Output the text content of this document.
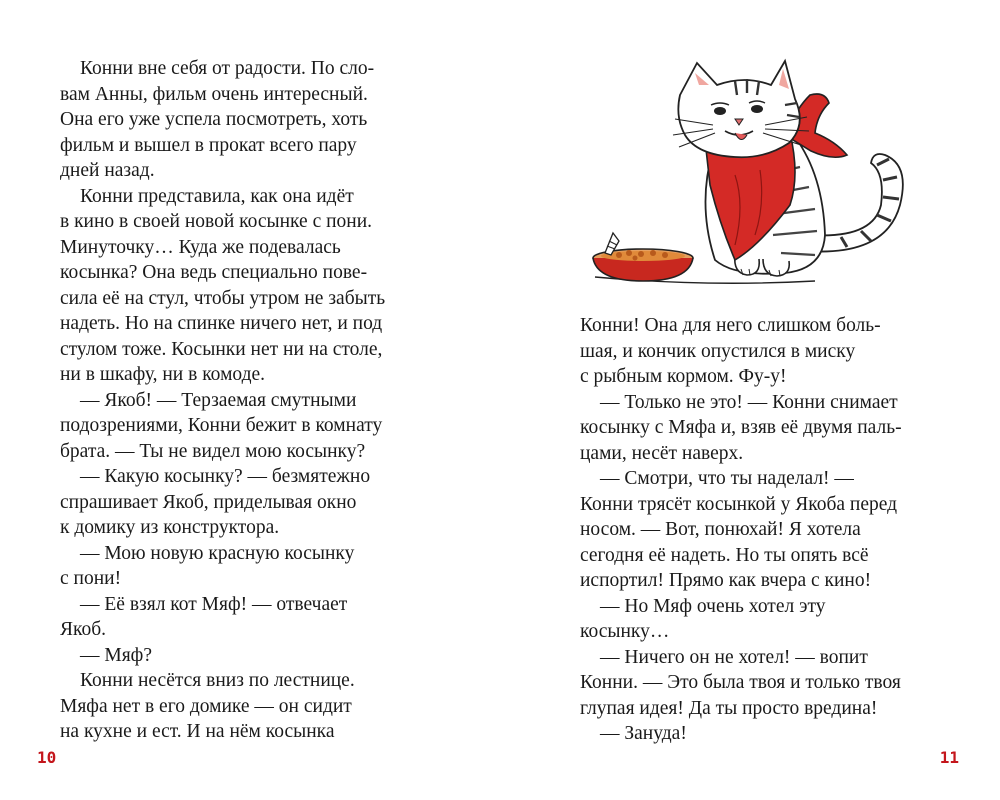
Конни вне себя от радости. По сло-
вам Анны, фильм очень интересный.
Она его уже успела посмотреть, хоть
фильм и вышел в прокат всего пару
дней назад.
Конни представила, как она идёт
в кино в своей новой косынке с пони.
Минуточку… Куда же подевалась
косынка? Она ведь специально пове-
сила её на стул, чтобы утром не забыть
надеть. Но на спинке ничего нет, и под
стулом тоже. Косынки нет ни на столе,
ни в шкафу, ни в комоде.
— Якоб! — Терзаемая смутными
подозрениями, Конни бежит в комнату
брата. — Ты не видел мою косынку?
— Какую косынку? — безмятежно
спрашивает Якоб, приделывая окно
к домику из конструктора.
— Мою новую красную косынку
с пони!
— Её взял кот Мяф! — отвечает
Якоб.
— Мяф?
Конни несётся вниз по лестнице.
Мяфа нет в его домике — он сидит
на кухне и ест. И на нём косынка
10
Конни! Она для него слишком боль-
шая, и кончик опустился в миску
с рыбным кормом. Фу-у!
— Только не это! — Конни снимает
косынку с Мяфа и, взяв её двумя паль-
цами, несёт наверх.
— Смотри, что ты наделал! —
Конни трясёт косынкой у Якоба перед
носом. — Вот, понюхай! Я хотела
сегодня её надеть. Но ты опять всё
испортил! Прямо как вчера с кино!
— Но Мяф очень хотел эту
косынку…
— Ничего он не хотел! — вопит
Конни. — Это была твоя и только твоя
глупая идея! Да ты просто вредина!
— Зануда!
11
